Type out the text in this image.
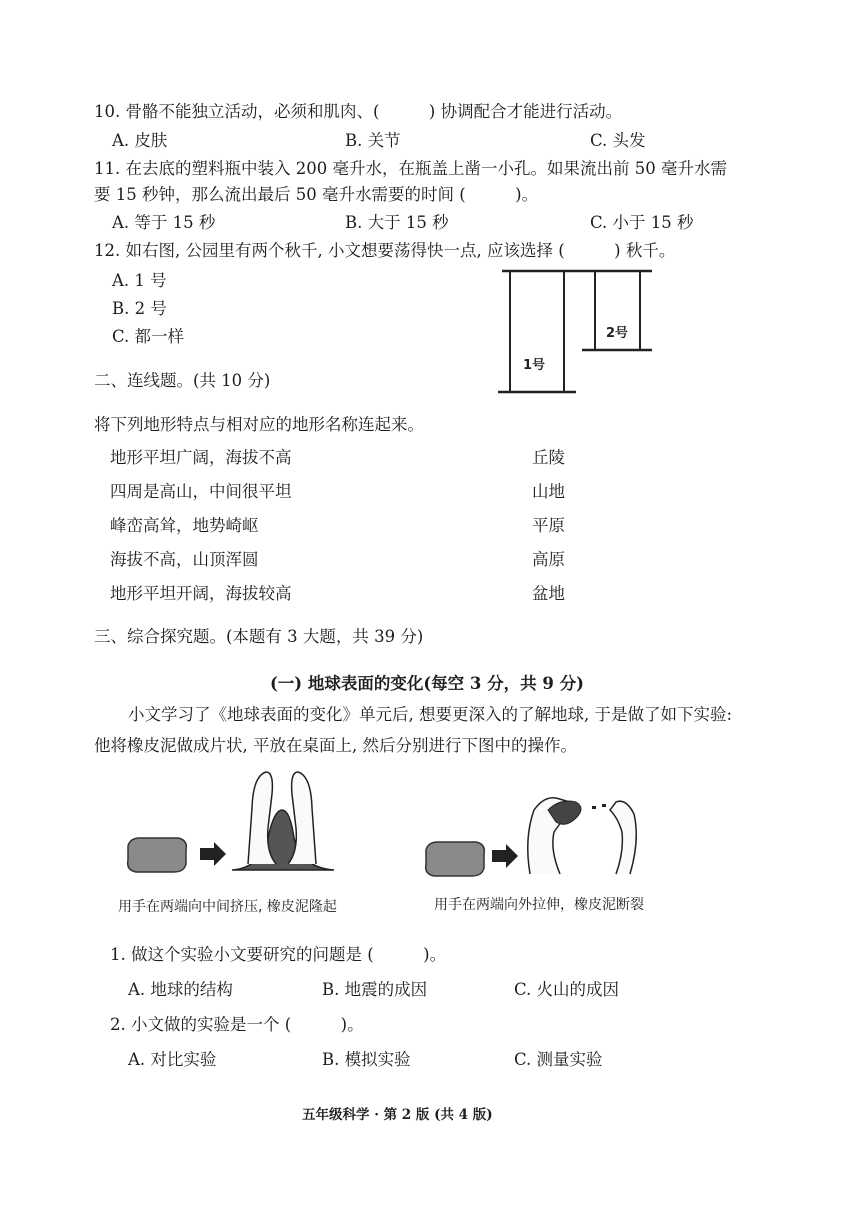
10. 骨骼不能独立活动，必须和肌肉、(　　　) 协调配合才能进行活动。
A. 皮肤	B. 关节	C. 头发
11. 在去底的塑料瓶中装入 200 毫升水，在瓶盖上凿一小孔。如果流出前 50 毫升水需
要 15 秒钟，那么流出最后 50 毫升水需要的时间 (　　　)。
A. 等于 15 秒	B. 大于 15 秒	C. 小于 15 秒
12. 如右图, 公园里有两个秋千, 小文想要荡得快一点, 应该选择 (　　　) 秋千。
A. 1 号
B. 2 号
C. 都一样
1号
2号
二、连线题。(共 10 分)
将下列地形特点与相对应的地形名称连起来。
地形平坦广阔，海拔不高
四周是高山，中间很平坦
峰峦高耸，地势崎岖
海拔不高，山顶浑圆
地形平坦开阔，海拔较高
丘陵
山地
平原
高原
盆地
三、综合探究题。(本题有 3 大题，共 39 分)
(一) 地球表面的变化(每空 3 分，共 9 分)
小文学习了《地球表面的变化》单元后, 想要更深入的了解地球, 于是做了如下实验:
他将橡皮泥做成片状, 平放在桌面上, 然后分别进行下图中的操作。
用手在两端向中间挤压, 橡皮泥隆起	用手在两端向外拉伸，橡皮泥断裂
1. 做这个实验小文要研究的问题是 (　　　)。
A. 地球的结构	B. 地震的成因	C. 火山的成因
2. 小文做的实验是一个 (　　　)。
A. 对比实验	B. 模拟实验	C. 测量实验
五年级科学 · 第 2 版 (共 4 版)
